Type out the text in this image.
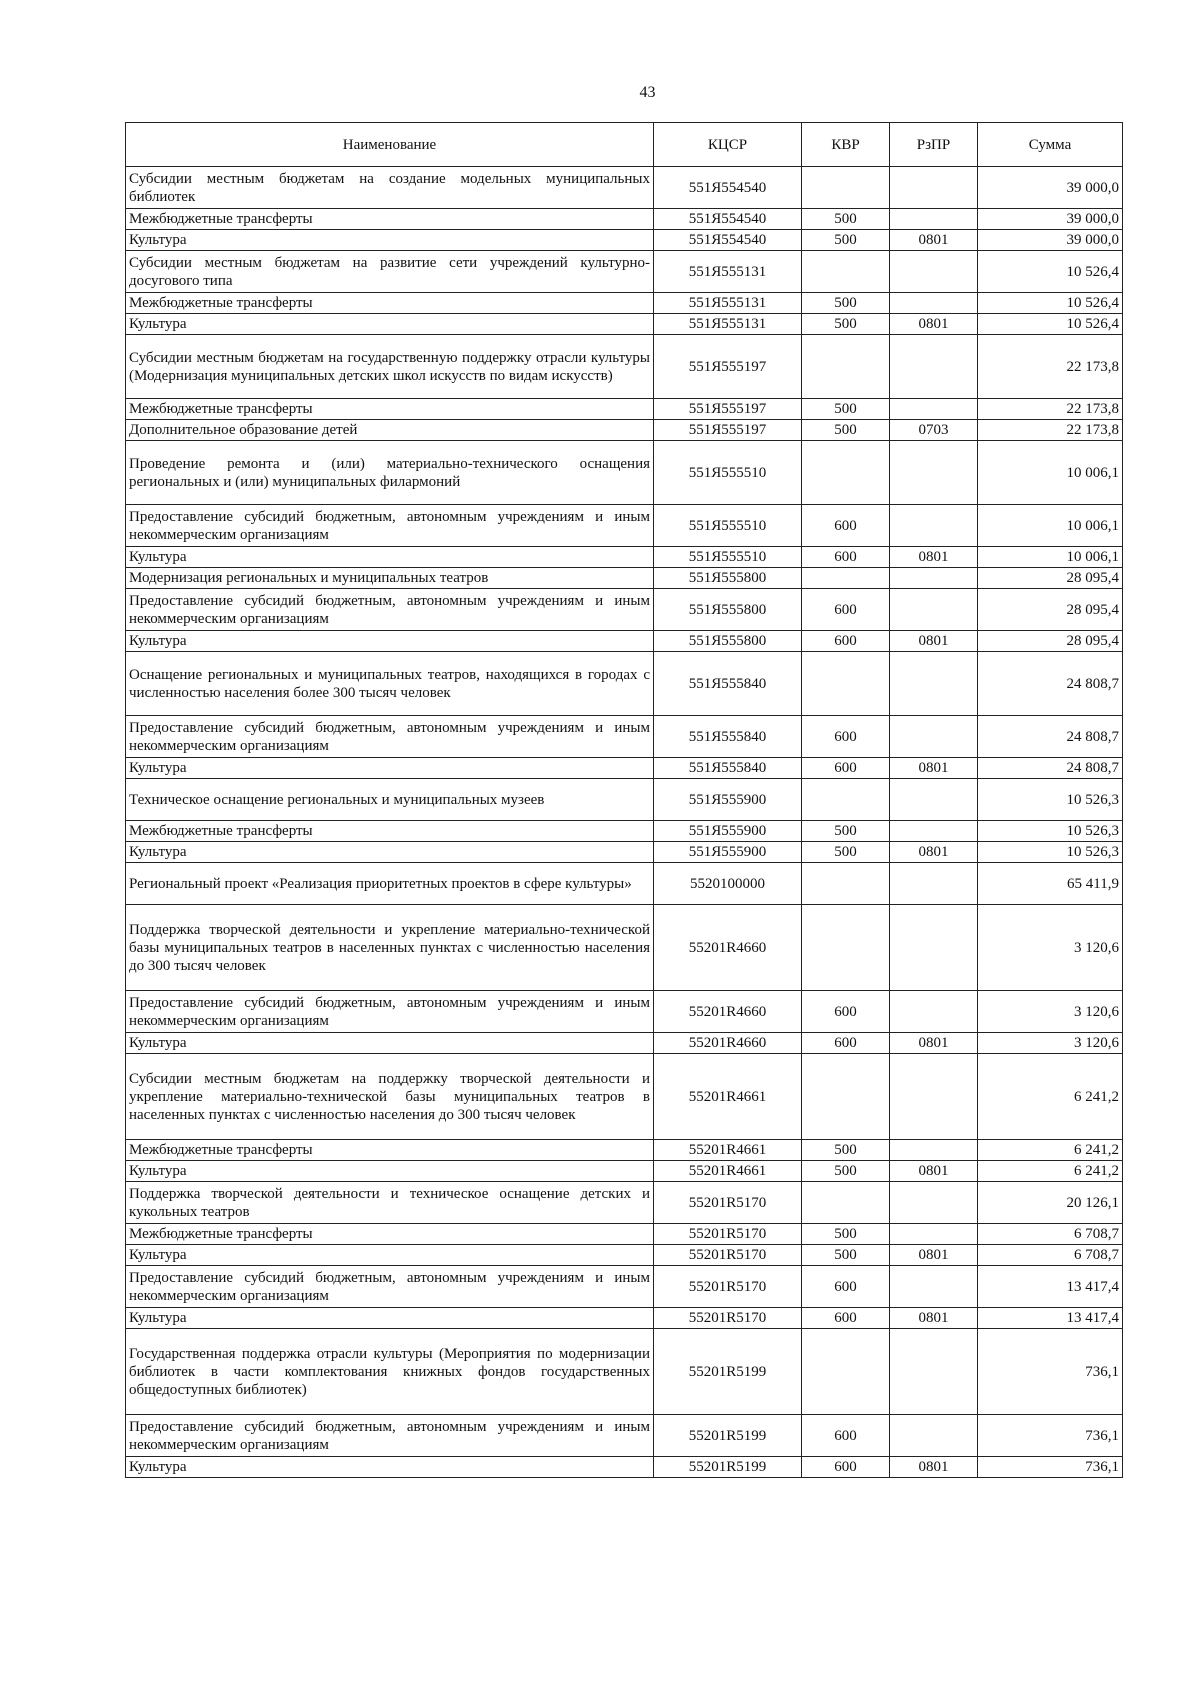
43
Наименование	КЦСР	КВР	РзПР	Сумма
Субсидии местным бюджетам на создание модельных муниципальных библиотек	551Я554540			39 000,0
Межбюджетные трансферты	551Я554540	500		39 000,0
Культура	551Я554540	500	0801	39 000,0
Субсидии местным бюджетам на развитие сети учреждений культурно-досугового типа	551Я555131			10 526,4
Межбюджетные трансферты	551Я555131	500		10 526,4
Культура	551Я555131	500	0801	10 526,4
Субсидии местным бюджетам на государственную поддержку отрасли культуры (Модернизация муниципальных детских школ искусств по видам искусств)	551Я555197			22 173,8
Межбюджетные трансферты	551Я555197	500		22 173,8
Дополнительное образование детей	551Я555197	500	0703	22 173,8
Проведение ремонта и (или) материально-технического оснащения региональных и (или) муниципальных филармоний	551Я555510			10 006,1
Предоставление субсидий бюджетным, автономным учреждениям и иным некоммерческим организациям	551Я555510	600		10 006,1
Культура	551Я555510	600	0801	10 006,1
Модернизация региональных и муниципальных театров	551Я555800			28 095,4
Предоставление субсидий бюджетным, автономным учреждениям и иным некоммерческим организациям	551Я555800	600		28 095,4
Культура	551Я555800	600	0801	28 095,4
Оснащение региональных и муниципальных театров, находящихся в городах с численностью населения более 300 тысяч человек	551Я555840			24 808,7
Предоставление субсидий бюджетным, автономным учреждениям и иным некоммерческим организациям	551Я555840	600		24 808,7
Культура	551Я555840	600	0801	24 808,7
Техническое оснащение региональных и муниципальных музеев	551Я555900			10 526,3
Межбюджетные трансферты	551Я555900	500		10 526,3
Культура	551Я555900	500	0801	10 526,3
Региональный проект «Реализация приоритетных проектов в сфере культуры»	5520100000			65 411,9
Поддержка творческой деятельности и укрепление материально-технической базы муниципальных театров в населенных пунктах с численностью населения до 300 тысяч человек	55201R4660			3 120,6
Предоставление субсидий бюджетным, автономным учреждениям и иным некоммерческим организациям	55201R4660	600		3 120,6
Культура	55201R4660	600	0801	3 120,6
Субсидии местным бюджетам на поддержку творческой деятельности и укрепление материально-технической базы муниципальных театров в населенных пунктах с численностью населения до 300 тысяч человек	55201R4661			6 241,2
Межбюджетные трансферты	55201R4661	500		6 241,2
Культура	55201R4661	500	0801	6 241,2
Поддержка творческой деятельности и техническое оснащение детских и кукольных театров	55201R5170			20 126,1
Межбюджетные трансферты	55201R5170	500		6 708,7
Культура	55201R5170	500	0801	6 708,7
Предоставление субсидий бюджетным, автономным учреждениям и иным некоммерческим организациям	55201R5170	600		13 417,4
Культура	55201R5170	600	0801	13 417,4
Государственная поддержка отрасли культуры (Мероприятия по модернизации библиотек в части комплектования книжных фондов государственных общедоступных библиотек)	55201R5199			736,1
Предоставление субсидий бюджетным, автономным учреждениям и иным некоммерческим организациям	55201R5199	600		736,1
Культура	55201R5199	600	0801	736,1
